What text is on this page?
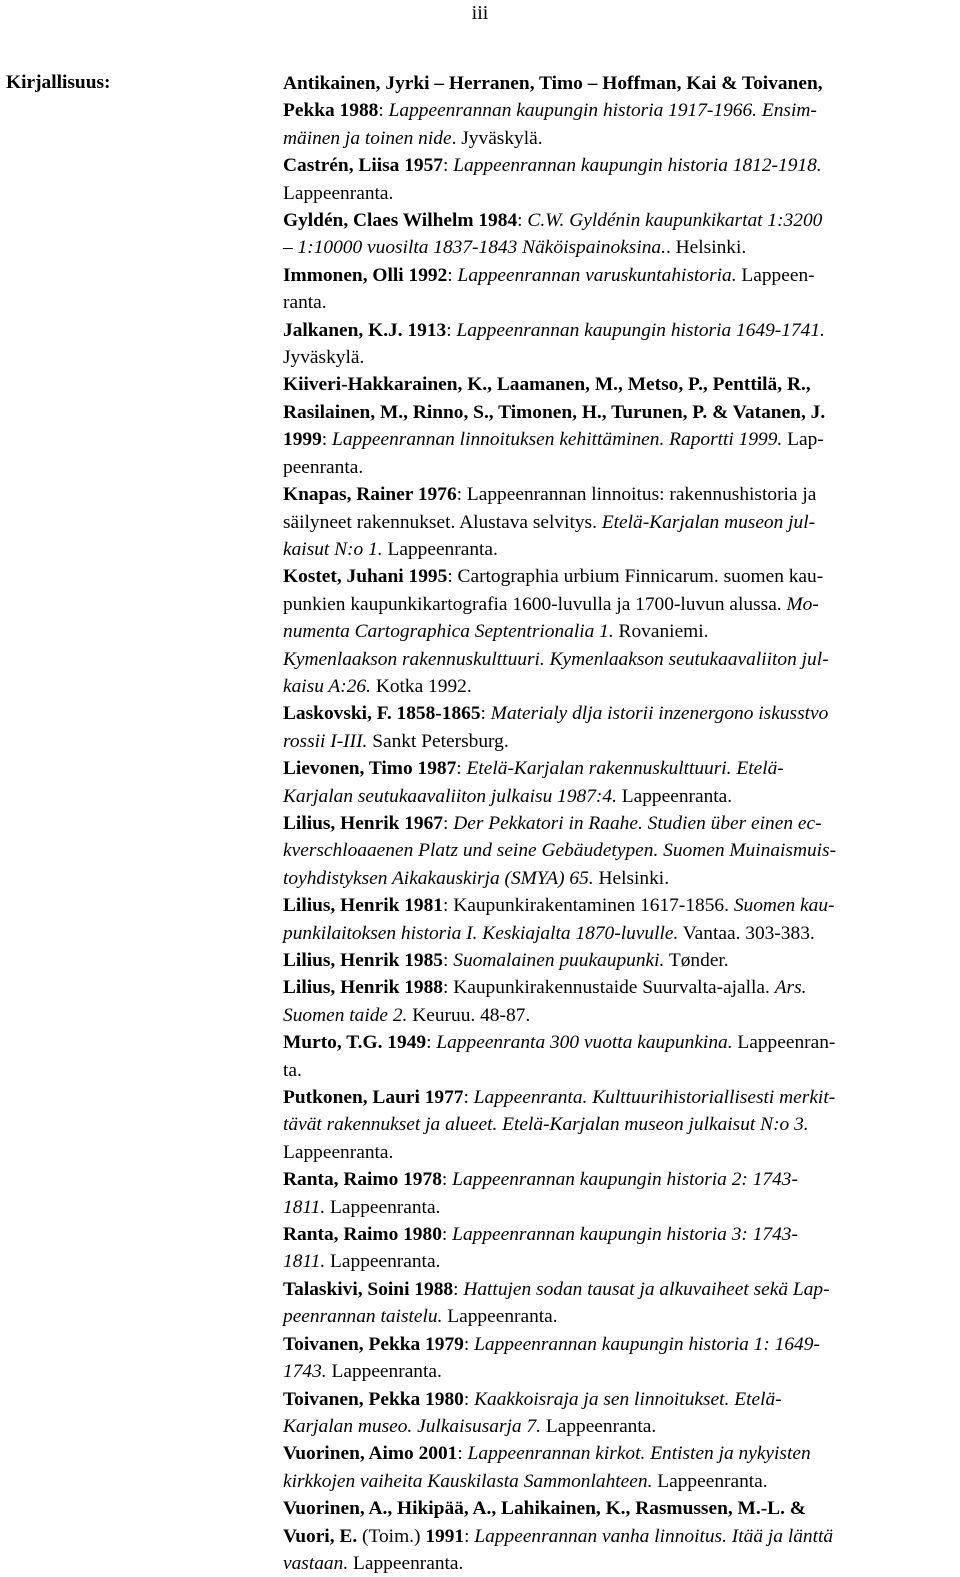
iii
Kirjallisuus:	Antikainen, Jyrki – Herranen, Timo – Hoffman, Kai & Toivanen,
Pekka 1988: Lappeenrannan kaupungin historia 1917-1966. Ensim-
mäinen ja toinen nide. Jyväskylä.
Castrén, Liisa 1957: Lappeenrannan kaupungin historia 1812-1918.
Lappeenranta.
Gyldén, Claes Wilhelm 1984: C.W. Gyldénin kaupunkikartat 1:3200
– 1:10000 vuosilta 1837-1843 Näköispainoksina.. Helsinki.
Immonen, Olli 1992: Lappeenrannan varuskuntahistoria. Lappeen-
ranta.
Jalkanen, K.J. 1913: Lappeenrannan kaupungin historia 1649-1741.
Jyväskylä.
Kiiveri-Hakkarainen, K., Laamanen, M., Metso, P., Penttilä, R.,
Rasilainen, M., Rinno, S., Timonen, H., Turunen, P. & Vatanen, J.
1999: Lappeenrannan linnoituksen kehittäminen. Raportti 1999. Lap-
peenranta.
Knapas, Rainer 1976: Lappeenrannan linnoitus: rakennushistoria ja
säilyneet rakennukset. Alustava selvitys. Etelä-Karjalan museon jul-
kaisut N:o 1. Lappeenranta.
Kostet, Juhani 1995: Cartographia urbium Finnicarum. suomen kau-
punkien kaupunkikartografia 1600-luvulla ja 1700-luvun alussa. Mo-
numenta Cartographica Septentrionalia 1. Rovaniemi.
Kymenlaakson rakennuskulttuuri. Kymenlaakson seutukaavaliiton jul-
kaisu A:26. Kotka 1992.
Laskovski, F. 1858-1865: Materialy dlja istorii inzenergono iskusstvo
rossii I-III. Sankt Petersburg.
Lievonen, Timo 1987: Etelä-Karjalan rakennuskulttuuri. Etelä-
Karjalan seutukaavaliiton julkaisu 1987:4. Lappeenranta.
Lilius, Henrik 1967: Der Pekkatori in Raahe. Studien über einen ec-
kverschloaaenen Platz und seine Gebäudetypen. Suomen Muinaismuis-
toyhdistyksen Aikakauskirja (SMYA) 65. Helsinki.
Lilius, Henrik 1981: Kaupunkirakentaminen 1617-1856. Suomen kau-
punkilaitoksen historia I. Keskiajalta 1870-luvulle. Vantaa. 303-383.
Lilius, Henrik 1985: Suomalainen puukaupunki. Tønder.
Lilius, Henrik 1988: Kaupunkirakennustaide Suurvalta-ajalla. Ars.
Suomen taide 2. Keuruu. 48-87.
Murto, T.G. 1949: Lappeenranta 300 vuotta kaupunkina. Lappeenran-
ta.
Putkonen, Lauri 1977: Lappeenranta. Kulttuurihistoriallisesti merkit-
tävät rakennukset ja alueet. Etelä-Karjalan museon julkaisut N:o 3.
Lappeenranta.
Ranta, Raimo 1978: Lappeenrannan kaupungin historia 2: 1743-
1811. Lappeenranta.
Ranta, Raimo 1980: Lappeenrannan kaupungin historia 3: 1743-
1811. Lappeenranta.
Talaskivi, Soini 1988: Hattujen sodan tausat ja alkuvaiheet sekä Lap-
peenrannan taistelu. Lappeenranta.
Toivanen, Pekka 1979: Lappeenrannan kaupungin historia 1: 1649-
1743. Lappeenranta.
Toivanen, Pekka 1980: Kaakkoisraja ja sen linnoitukset. Etelä-
Karjalan museo. Julkaisusarja 7. Lappeenranta.
Vuorinen, Aimo 2001: Lappeenrannan kirkot. Entisten ja nykyisten
kirkkojen vaiheita Kauskilasta Sammonlahteen. Lappeenranta.
Vuorinen, A., Hikipää, A., Lahikainen, K., Rasmussen, M.-L. &
Vuori, E. (Toim.) 1991: Lappeenrannan vanha linnoitus. Itää ja länttä
vastaan. Lappeenranta.
